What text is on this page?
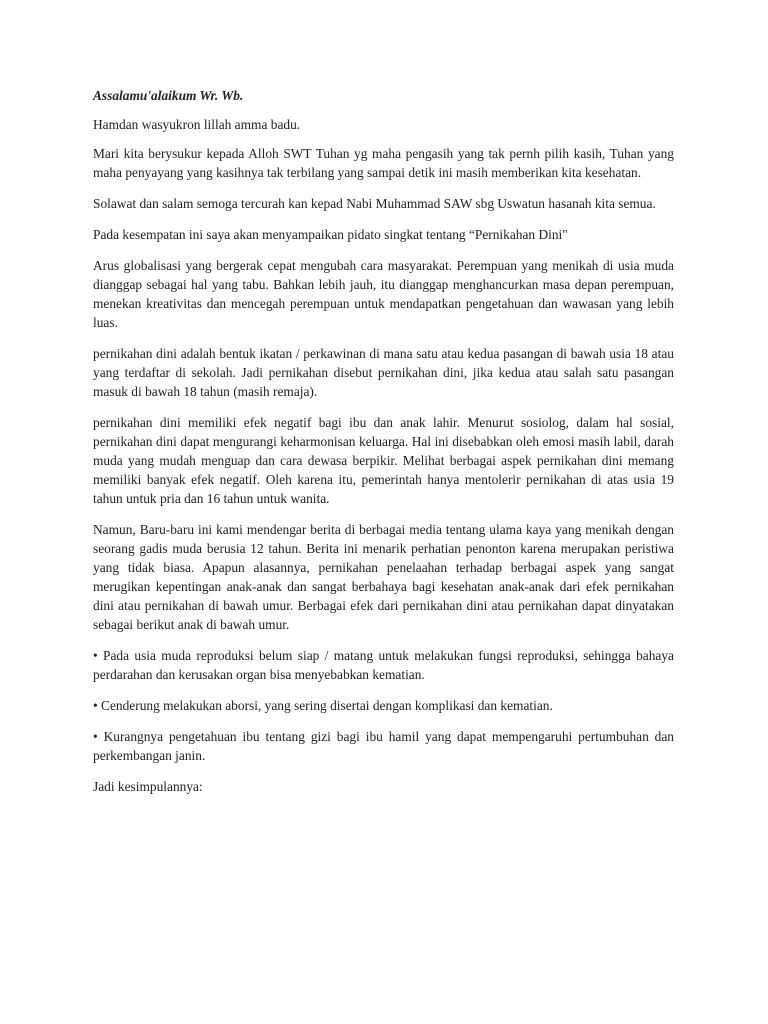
Assalamu'alaikum Wr. Wb.
Hamdan wasyukron lillah amma badu.
Mari kita berysukur kepada Alloh SWT Tuhan yg maha pengasih yang tak pernh pilih kasih, Tuhan yang maha penyayang yang kasihnya tak terbilang yang sampai detik ini masih memberikan kita kesehatan.
Solawat dan salam semoga tercurah kan kepad Nabi Muhammad SAW sbg Uswatun hasanah kita semua.
Pada kesempatan ini saya akan menyampaikan pidato singkat tentang “Pernikahan Dini"
Arus globalisasi yang bergerak cepat mengubah cara masyarakat. Perempuan yang menikah di usia muda dianggap sebagai hal yang tabu. Bahkan lebih jauh, itu dianggap menghancurkan masa depan perempuan, menekan kreativitas dan mencegah perempuan untuk mendapatkan pengetahuan dan wawasan yang lebih luas.
pernikahan dini adalah bentuk ikatan / perkawinan di mana satu atau kedua pasangan di bawah usia 18 atau yang terdaftar di sekolah. Jadi pernikahan disebut pernikahan dini, jika kedua atau salah satu pasangan masuk di bawah 18 tahun (masih remaja).
pernikahan dini memiliki efek negatif bagi ibu dan anak lahir. Menurut sosiolog, dalam hal sosial, pernikahan dini dapat mengurangi keharmonisan keluarga. Hal ini disebabkan oleh emosi masih labil, darah muda yang mudah menguap dan cara dewasa berpikir. Melihat berbagai aspek pernikahan dini memang memiliki banyak efek negatif. Oleh karena itu, pemerintah hanya mentolerir pernikahan di atas usia 19 tahun untuk pria dan 16 tahun untuk wanita.
Namun, Baru-baru ini kami mendengar berita di berbagai media tentang ulama kaya yang menikah dengan seorang gadis muda berusia 12 tahun. Berita ini menarik perhatian penonton karena merupakan peristiwa yang tidak biasa. Apapun alasannya, pernikahan penelaahan terhadap berbagai aspek yang sangat merugikan kepentingan anak-anak dan sangat berbahaya bagi kesehatan anak-anak dari efek pernikahan dini atau pernikahan di bawah umur. Berbagai efek dari pernikahan dini atau pernikahan dapat dinyatakan sebagai berikut anak di bawah umur.
• Pada usia muda reproduksi belum siap / matang untuk melakukan fungsi reproduksi, sehingga bahaya perdarahan dan kerusakan organ bisa menyebabkan kematian.
• Cenderung melakukan aborsi, yang sering disertai dengan komplikasi dan kematian.
• Kurangnya pengetahuan ibu tentang gizi bagi ibu hamil yang dapat mempengaruhi pertumbuhan dan perkembangan janin.
Jadi kesimpulannya:
